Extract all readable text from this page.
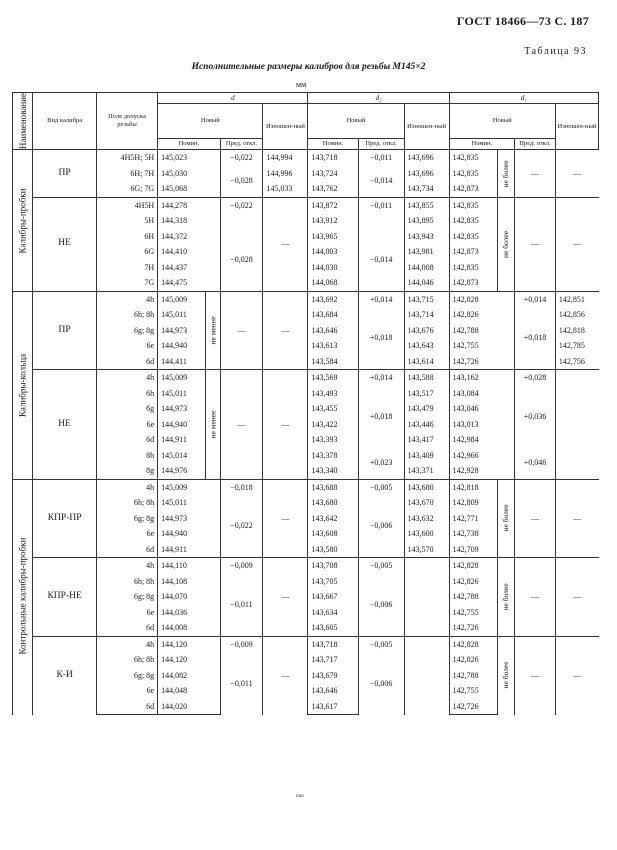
ГОСТ 18466—73 С. 187
Таблица 93
Исполнительные размеры калибров для резьбы М145×2
мм
Наименование	Вид калибра	Поле допуска резьбы	d				d₂			d₁			
			Новый			Изношен-ный	Новый		Изношен-ный	Новый			Изношен-ный
			Номин.		Пред. откл.		Номин.	Пред. откл.		Номин.		Пред. откл.	
Калибры-пробки	ПР	4H5H; 5H	145,023		−0,022	144,994	143,718	−0,011	143,696	142,835	не более	—	—
		6H; 7H	145,030		−0,028	144,996	143,724	−0,014	143,696	142,835			
		6G; 7G	145,068			145,033	143,762		143,734	142,873			
	НЕ	4H5H	144,278		−0,022	—	143,872	−0,011	143,855	142,835	не более	—	—
		5H	144,318				143,912		143,895	142,835			
		6H	144,372		−0,028		143,965	−0,014	143,943	142,835			
		6G	144,410				144,003		143,981	142,873			
		7H	144,437				144,030		144,008	142,835			
		7G	144,475				144,068		144,046	142,873			
Калибры-кольца	ПР	4h	145,009	не менее	—	—	143,692	+0,014	143,715	142,828		+0,014	142,851
		6h; 8h	145,011				143,684	+0,018	143,714	142,826		+0,018	142,856
		6g; 8g	144,973				143,646		143,676	142,788			142,818
		6e	144,940				143,613		143,643	142,755			142,785
		6d	144,411				143,584		143,614	142,726			142,756
	НЕ	4h	145,009	не менее	—	—	143,569	+0,014	143,588	143,162		+0,028	
		6h	145,011				143,493	+0,018	143,517	143,084		+0,036	
		6g	144,973				143,455		143,479	143,046			
		6e	144,940				143,422		143,446	143,013			
		6d	144,911				143,393		143,417	142,984			
		8h	145,014				143,378	+0,023	143,409	142,966		+0,046	
		8g	144,976				143,340		143,371	142,928			
Контрольные калибры-пробки	КПР-ПР	4h	145,009		−0,018	—	143,688	−0,005	143,680	142,818	не более	—	—
		6h; 8h	145,011		−0,022		143,680	−0,006	143,670	142,809			
		6g; 8g	144,973				143,642		143,632	142,771			
		6e	144,940				143,608		143,600	142,738			
		6d	144,911				143,580		143,570	142,709			
	КПР-НЕ	4h	144,110		−0,009	—	143,708	−0,005		142,828	не более	—	—
		6h; 8h	144,108		−0,011		143,705	−0,006		142,826			
		6g; 8g	144,070				143,667			142,788			
		6e	144,036				143,634			142,755			
		6d	144,008				143,605			142,726			
	К-И	4h	144,120		−0,009	—	143,718	−0,005		142,828	не более	—	—
		6h; 8h	144,120		−0,011		143,717	−0,006		142,826			
		6g; 8g	144,082				143,679			142,788			
		6e	144,048				143,646			142,755			
		6d	144,020				143,617			142,726			
ᵐᵐ
